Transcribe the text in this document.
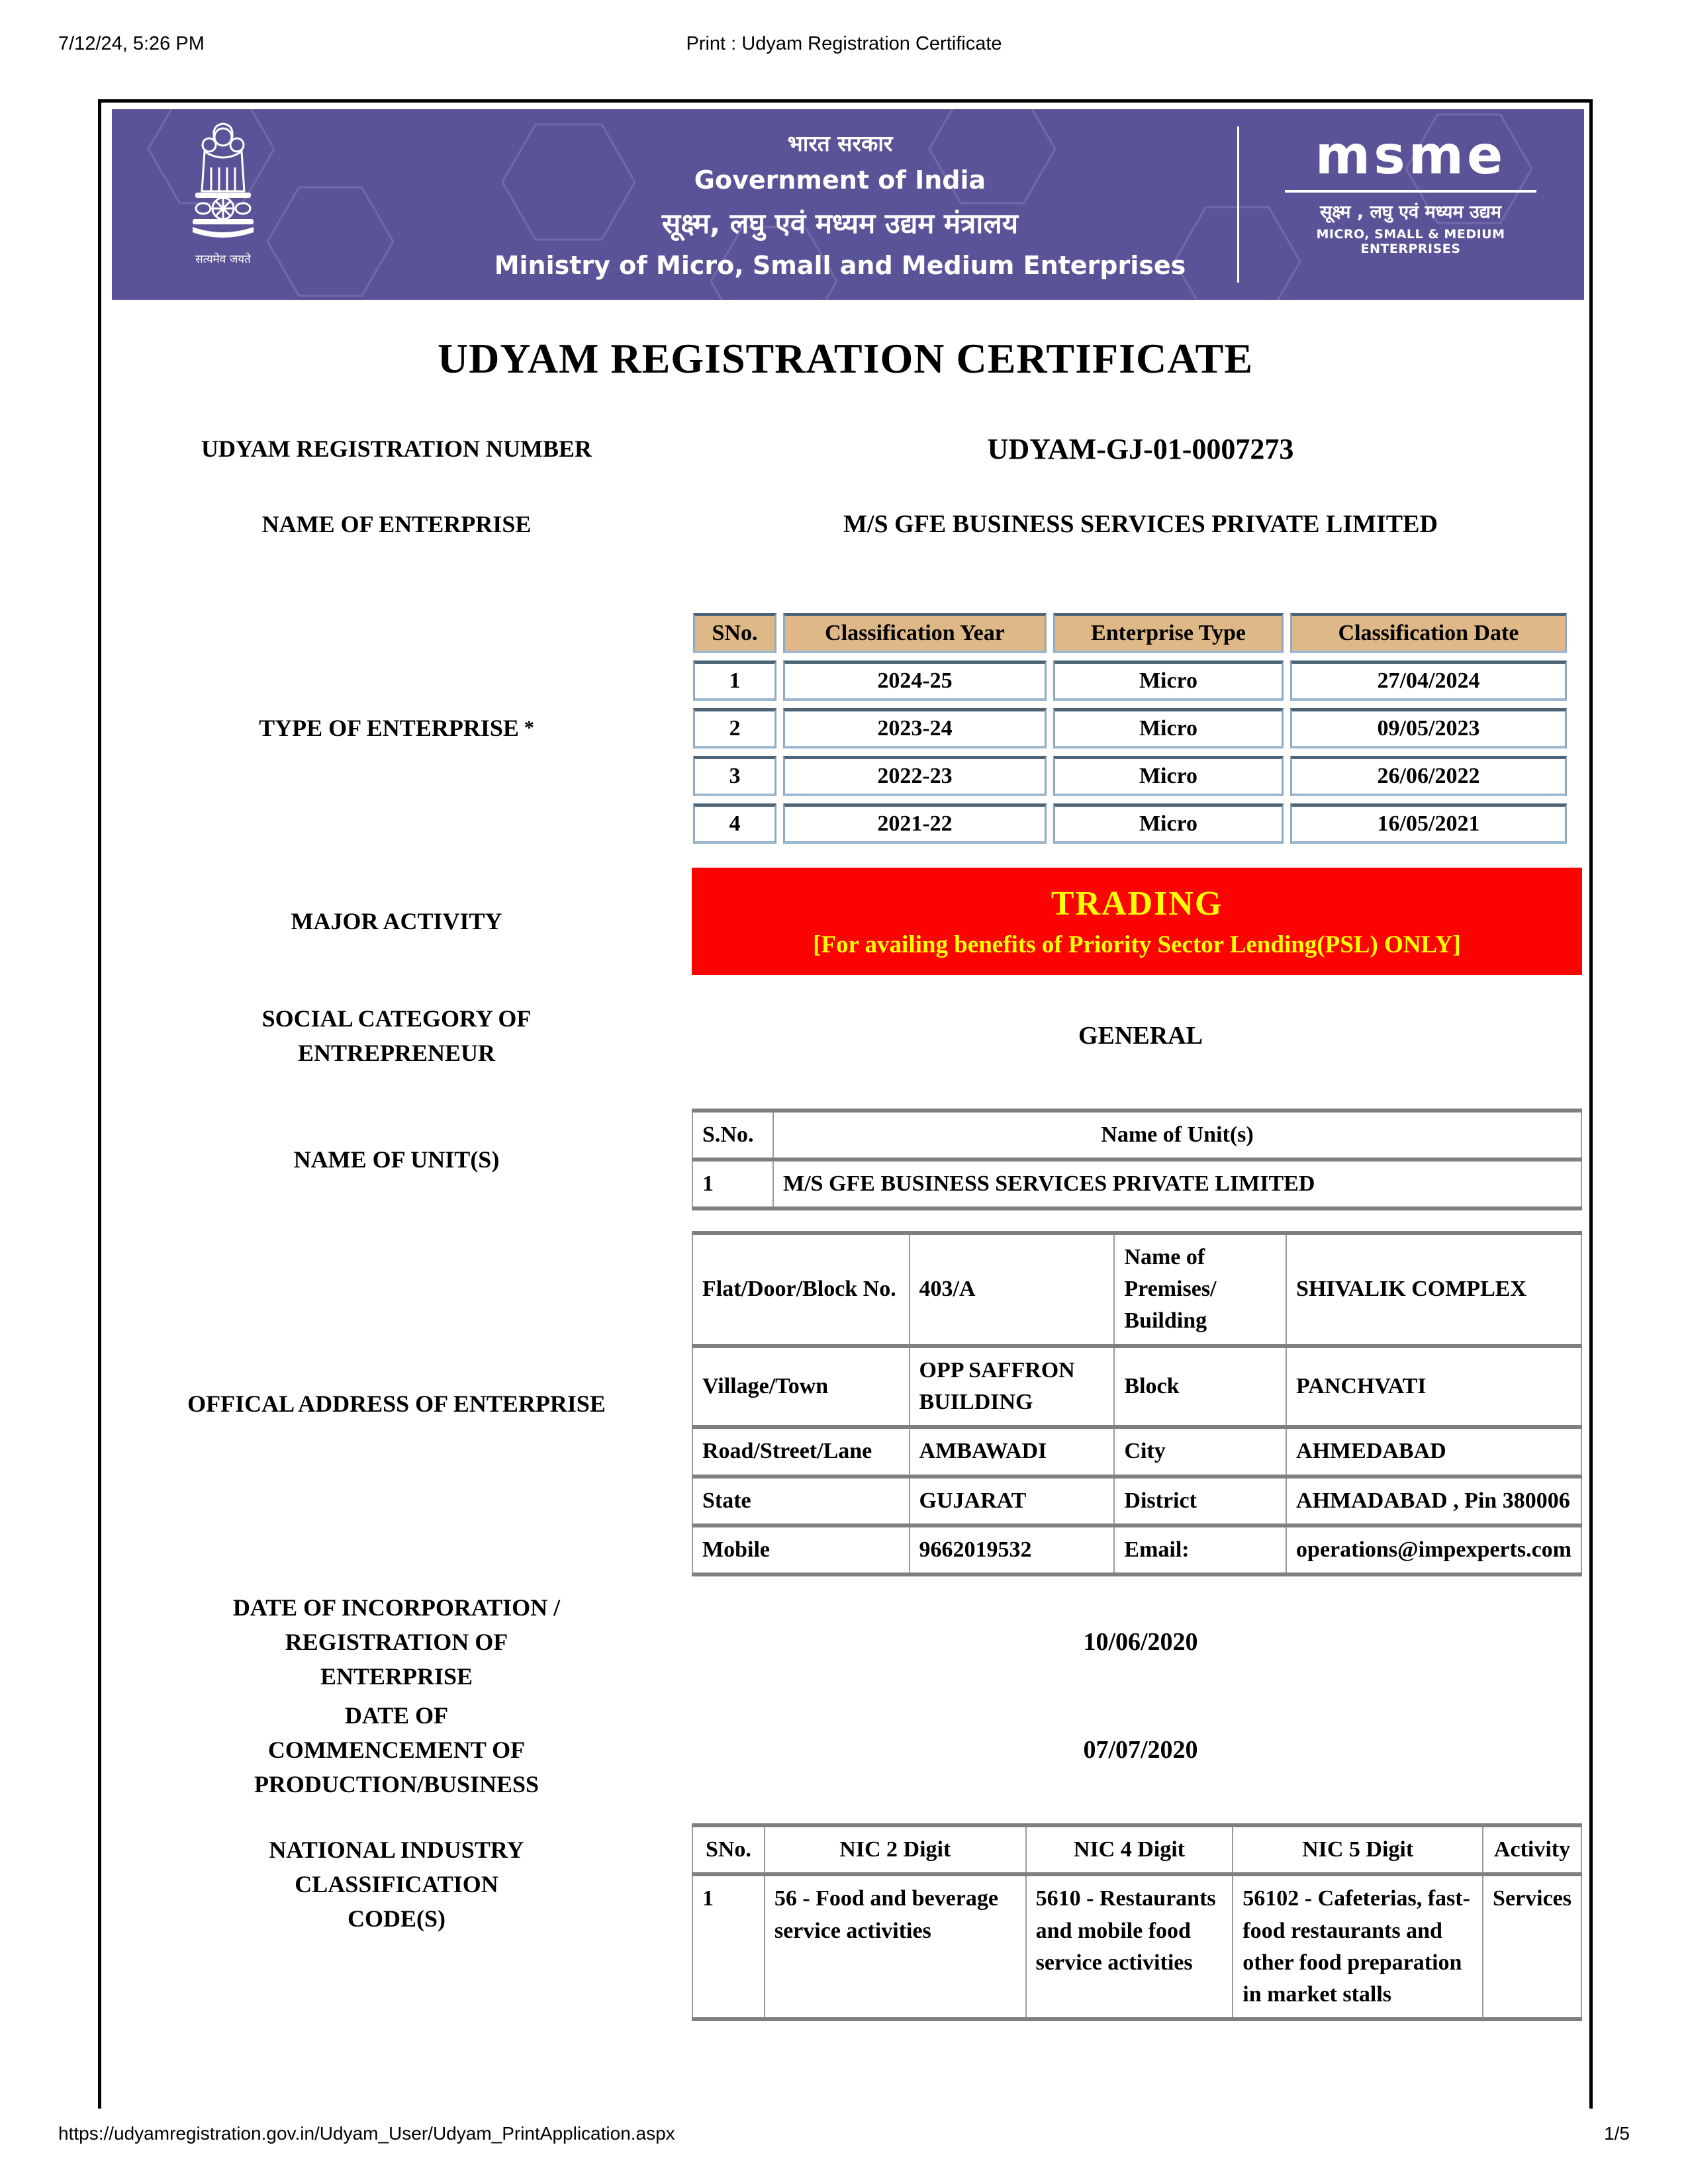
7/12/24, 5:26 PM	Print : Udyam Registration Certificate
सत्यमेव जयते
भारत सरकार
Government of India
सूक्ष्म, लघु एवं मध्यम उद्यम मंत्रालय
Ministry of Micro, Small and Medium Enterprises
msme
सूक्ष्म , लघु एवं मध्यम उद्यम
MICRO, SMALL & MEDIUM ENTERPRISES
UDYAM REGISTRATION CERTIFICATE
UDYAM REGISTRATION NUMBER	UDYAM-GJ-01-0007273
NAME OF ENTERPRISE	M/S GFE BUSINESS SERVICES PRIVATE LIMITED
TYPE OF ENTERPRISE *
SNo.	Classification Year	Enterprise Type	Classification Date
1	2024-25	Micro	27/04/2024
2	2023-24	Micro	09/05/2023
3	2022-23	Micro	26/06/2022
4	2021-22	Micro	16/05/2021
MAJOR ACTIVITY	TRADING
[For availing benefits of Priority Sector Lending(PSL) ONLY]
SOCIAL CATEGORY OF ENTREPRENEUR
GENERAL
NAME OF UNIT(S)
S.No.	Name of Unit(s)
1	M/S GFE BUSINESS SERVICES PRIVATE LIMITED
OFFICAL ADDRESS OF ENTERPRISE
Flat/Door/Block No.	403/A	Name of Premises/ Building	SHIVALIK COMPLEX
Village/Town	OPP SAFFRON BUILDING	Block	PANCHVATI
Road/Street/Lane	AMBAWADI	City	AHMEDABAD
State	GUJARAT	District	AHMADABAD , Pin 380006
Mobile	9662019532	Email:	operations@impexperts.com
DATE OF INCORPORATION / REGISTRATION OF ENTERPRISE
10/06/2020
DATE OF COMMENCEMENT OF PRODUCTION/BUSINESS
07/07/2020
NATIONAL INDUSTRY CLASSIFICATION CODE(S)
SNo.	NIC 2 Digit	NIC 4 Digit	NIC 5 Digit	Activity
1	56 - Food and beverage service activities	5610 - Restaurants and mobile food service activities	56102 - Cafeterias, fast-food restaurants and other food preparation in market stalls	Services
https://udyamregistration.gov.in/Udyam_User/Udyam_PrintApplication.aspx	1/5
